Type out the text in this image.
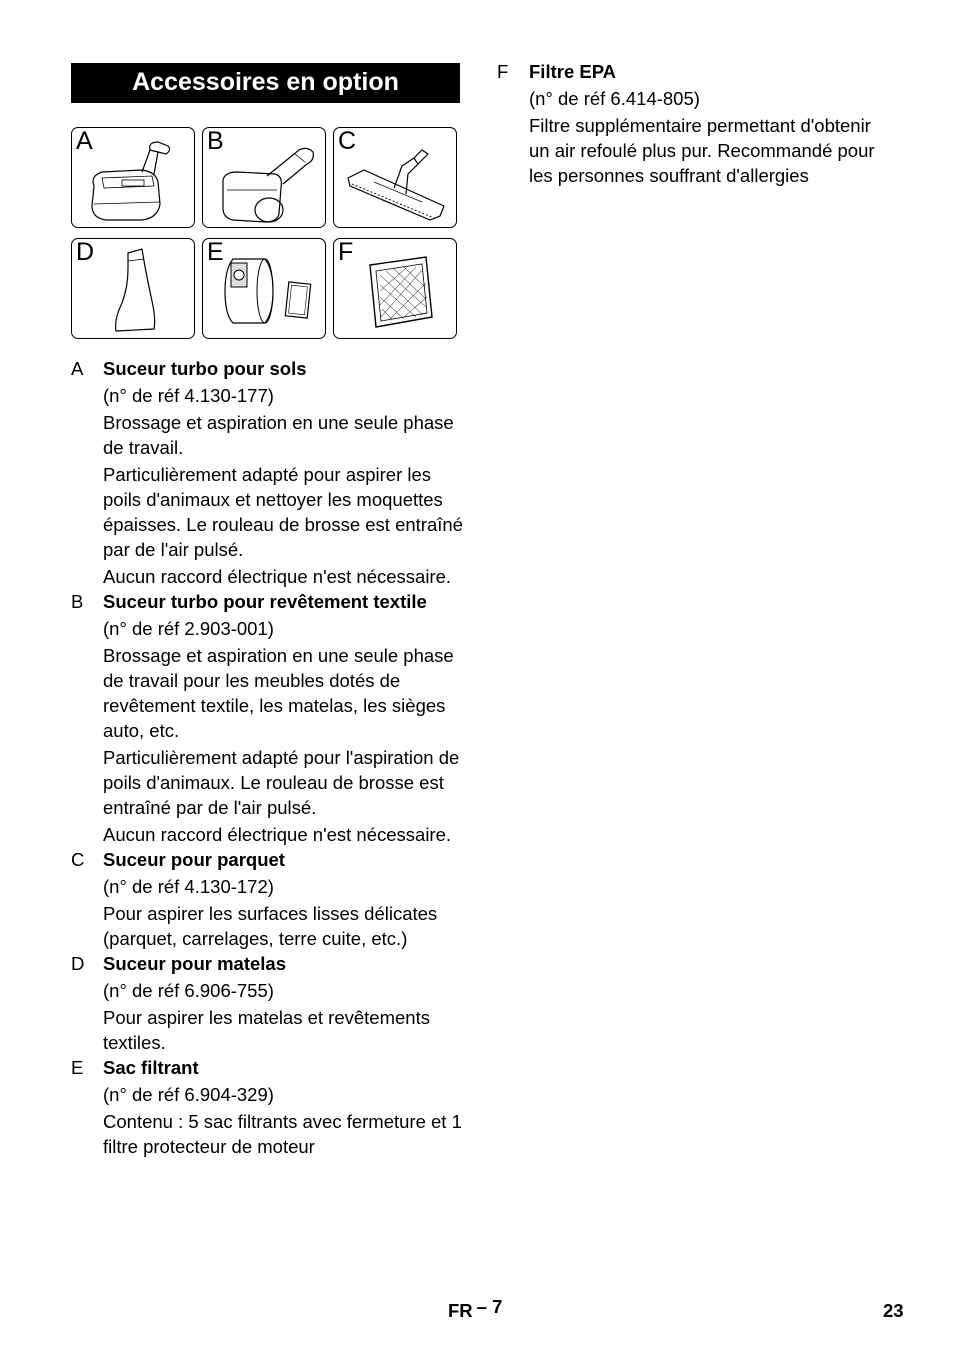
Accessoires en option
A	B	C
D	E	F
A	Suceur turbo pour sols
(n° de réf 4.130-177)

Brossage et aspiration en une seule phase de travail.

Particulièrement adapté pour aspirer les poils d'animaux et nettoyer les moquettes épaisses. Le rouleau de brosse est entraîné par de l'air pulsé.

Aucun raccord électrique n'est nécessaire.

B	Suceur turbo pour revêtement textile
(n° de réf 2.903-001)

Brossage et aspiration en une seule phase de travail pour les meubles dotés de revêtement textile, les matelas, les sièges auto, etc.

Particulièrement adapté pour l'aspiration de poils d'animaux. Le rouleau de brosse est entraîné par de l'air pulsé.

Aucun raccord électrique n'est nécessaire.

C	Suceur pour parquet
(n° de réf 4.130-172)

Pour aspirer les surfaces lisses délicates (parquet, carrelages, terre cuite, etc.)

D	Suceur pour matelas
(n° de réf 6.906-755)

Pour aspirer les matelas et revêtements textiles.

E	Sac filtrant
(n° de réf 6.904-329)

Contenu : 5 sac filtrants avec fermeture et 1 filtre protecteur de moteur

F	Filtre EPA
(n° de réf 6.414-805)

Filtre supplémentaire permettant d'obtenir un air refoulé plus pur. Recommandé pour les personnes souffrant d'allergies

FR – 7	23
